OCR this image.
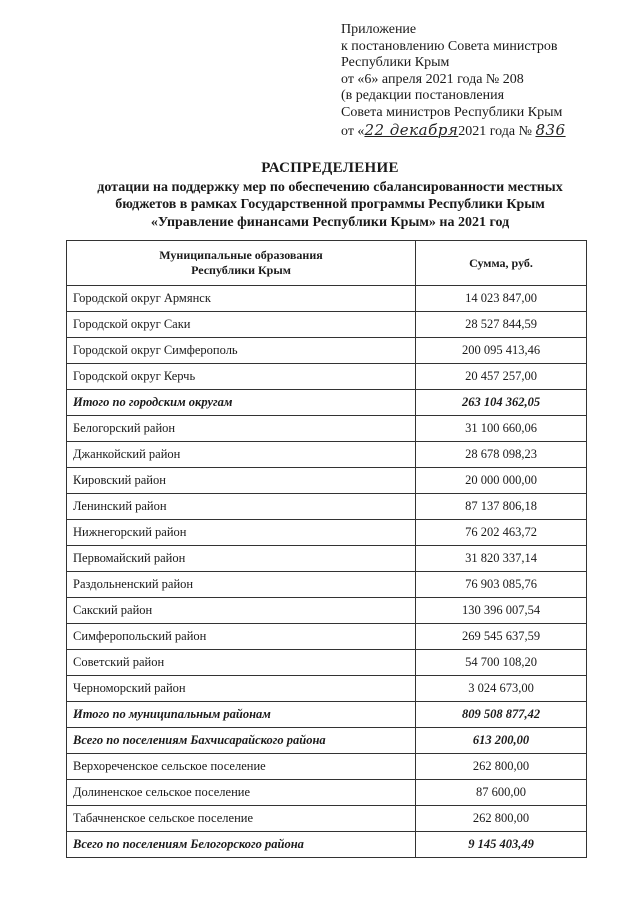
Приложение
к постановлению Совета министров
Республики Крым
от «6» апреля 2021 года № 208
(в редакции постановления
Совета министров Республики Крым
от «22 декабря2021 года № 836
РАСПРЕДЕЛЕНИЕ
дотации на поддержку мер по обеспечению сбалансированности местных
бюджетов в рамках Государственной программы Республики Крым
«Управление финансами Республики Крым» на 2021 год
Муниципальные образования
Республики Крым	Сумма, руб.
Городской округ Армянск	14 023 847,00
Городской округ Саки	28 527 844,59
Городской округ Симферополь	200 095 413,46
Городской округ Керчь	20 457 257,00
Итого по городским округам	263 104 362,05
Белогорский район	31 100 660,06
Джанкойский район	28 678 098,23
Кировский район	20 000 000,00
Ленинский район	87 137 806,18
Нижнегорский район	76 202 463,72
Первомайский район	31 820 337,14
Раздольненский район	76 903 085,76
Сакский район	130 396 007,54
Симферопольский район	269 545 637,59
Советский район	54 700 108,20
Черноморский район	3 024 673,00
Итого по муниципальным районам	809 508 877,42
Всего по поселениям Бахчисарайского района	613 200,00
Верхореченское сельское поселение	262 800,00
Долиненское сельское поселение	87 600,00
Табачненское сельское поселение	262 800,00
Всего по поселениям Белогорского района	9 145 403,49
